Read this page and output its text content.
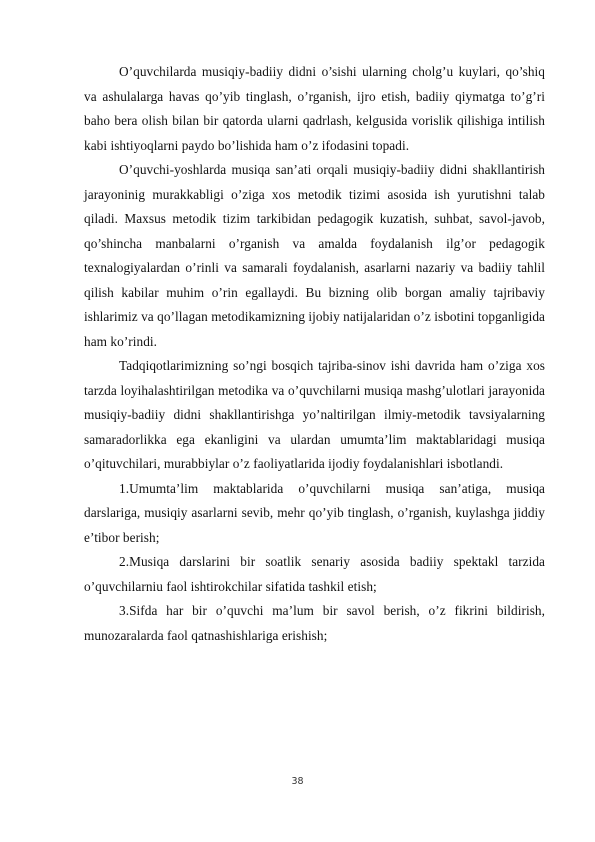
O’quvchilarda musiqiy-badiiy didni o’sishi ularning cholg’u kuylari, qo’shiq va ashulalarga havas qo’yib tinglash, o’rganish, ijro etish, badiiy qiymatga to’g’ri baho bera olish bilan bir qatorda ularni qadrlash, kelgusida vorislik qilishiga intilish kabi ishtiyoqlarni paydo bo’lishida ham o’z ifodasini topadi.

O’quvchi-yoshlarda musiqa san’ati orqali musiqiy-badiiy didni shakllantirish jarayoninig murakkabligi o’ziga xos metodik tizimi asosida ish yurutishni talab qiladi. Maxsus metodik tizim tarkibidan pedagogik kuzatish, suhbat, savol-javob, qo’shincha manbalarni o’rganish va amalda foydalanish ilg’or pedagogik texnalogiyalardan o’rinli va samarali foydalanish, asarlarni nazariy va badiiy tahlil qilish kabilar muhim o’rin egallaydi. Bu bizning olib borgan amaliy tajribaviy ishlarimiz va qo’llagan metodikamizning ijobiy natijalaridan o’z isbotini topganligida ham ko’rindi.

Tadqiqotlarimizning so’ngi bosqich tajriba-sinov ishi davrida ham o’ziga xos tarzda loyihalashtirilgan metodika va o’quvchilarni musiqa mashg’ulotlari jarayonida musiqiy-badiiy didni shakllantirishga yo’naltirilgan ilmiy-metodik tavsiyalarning samaradorlikka ega ekanligini va ulardan umumta’lim maktablaridagi musiqa o’qituvchilari, murabbiylar o’z faoliyatlarida ijodiy foydalanishlari isbotlandi.

1.Umumta’lim maktablarida o’quvchilarni musiqa san’atiga, musiqa darslariga, musiqiy asarlarni sevib, mehr qo’yib tinglash, o’rganish, kuylashga jiddiy e’tibor berish;

2.Musiqa darslarini bir soatlik senariy asosida badiiy spektakl tarzida o’quvchilarniu faol ishtirokchilar sifatida tashkil etish;

3.Sifda har bir o’quvchi ma’lum bir savol berish, o’z fikrini bildirish, munozaralarda faol qatnashishlariga erishish;

38
